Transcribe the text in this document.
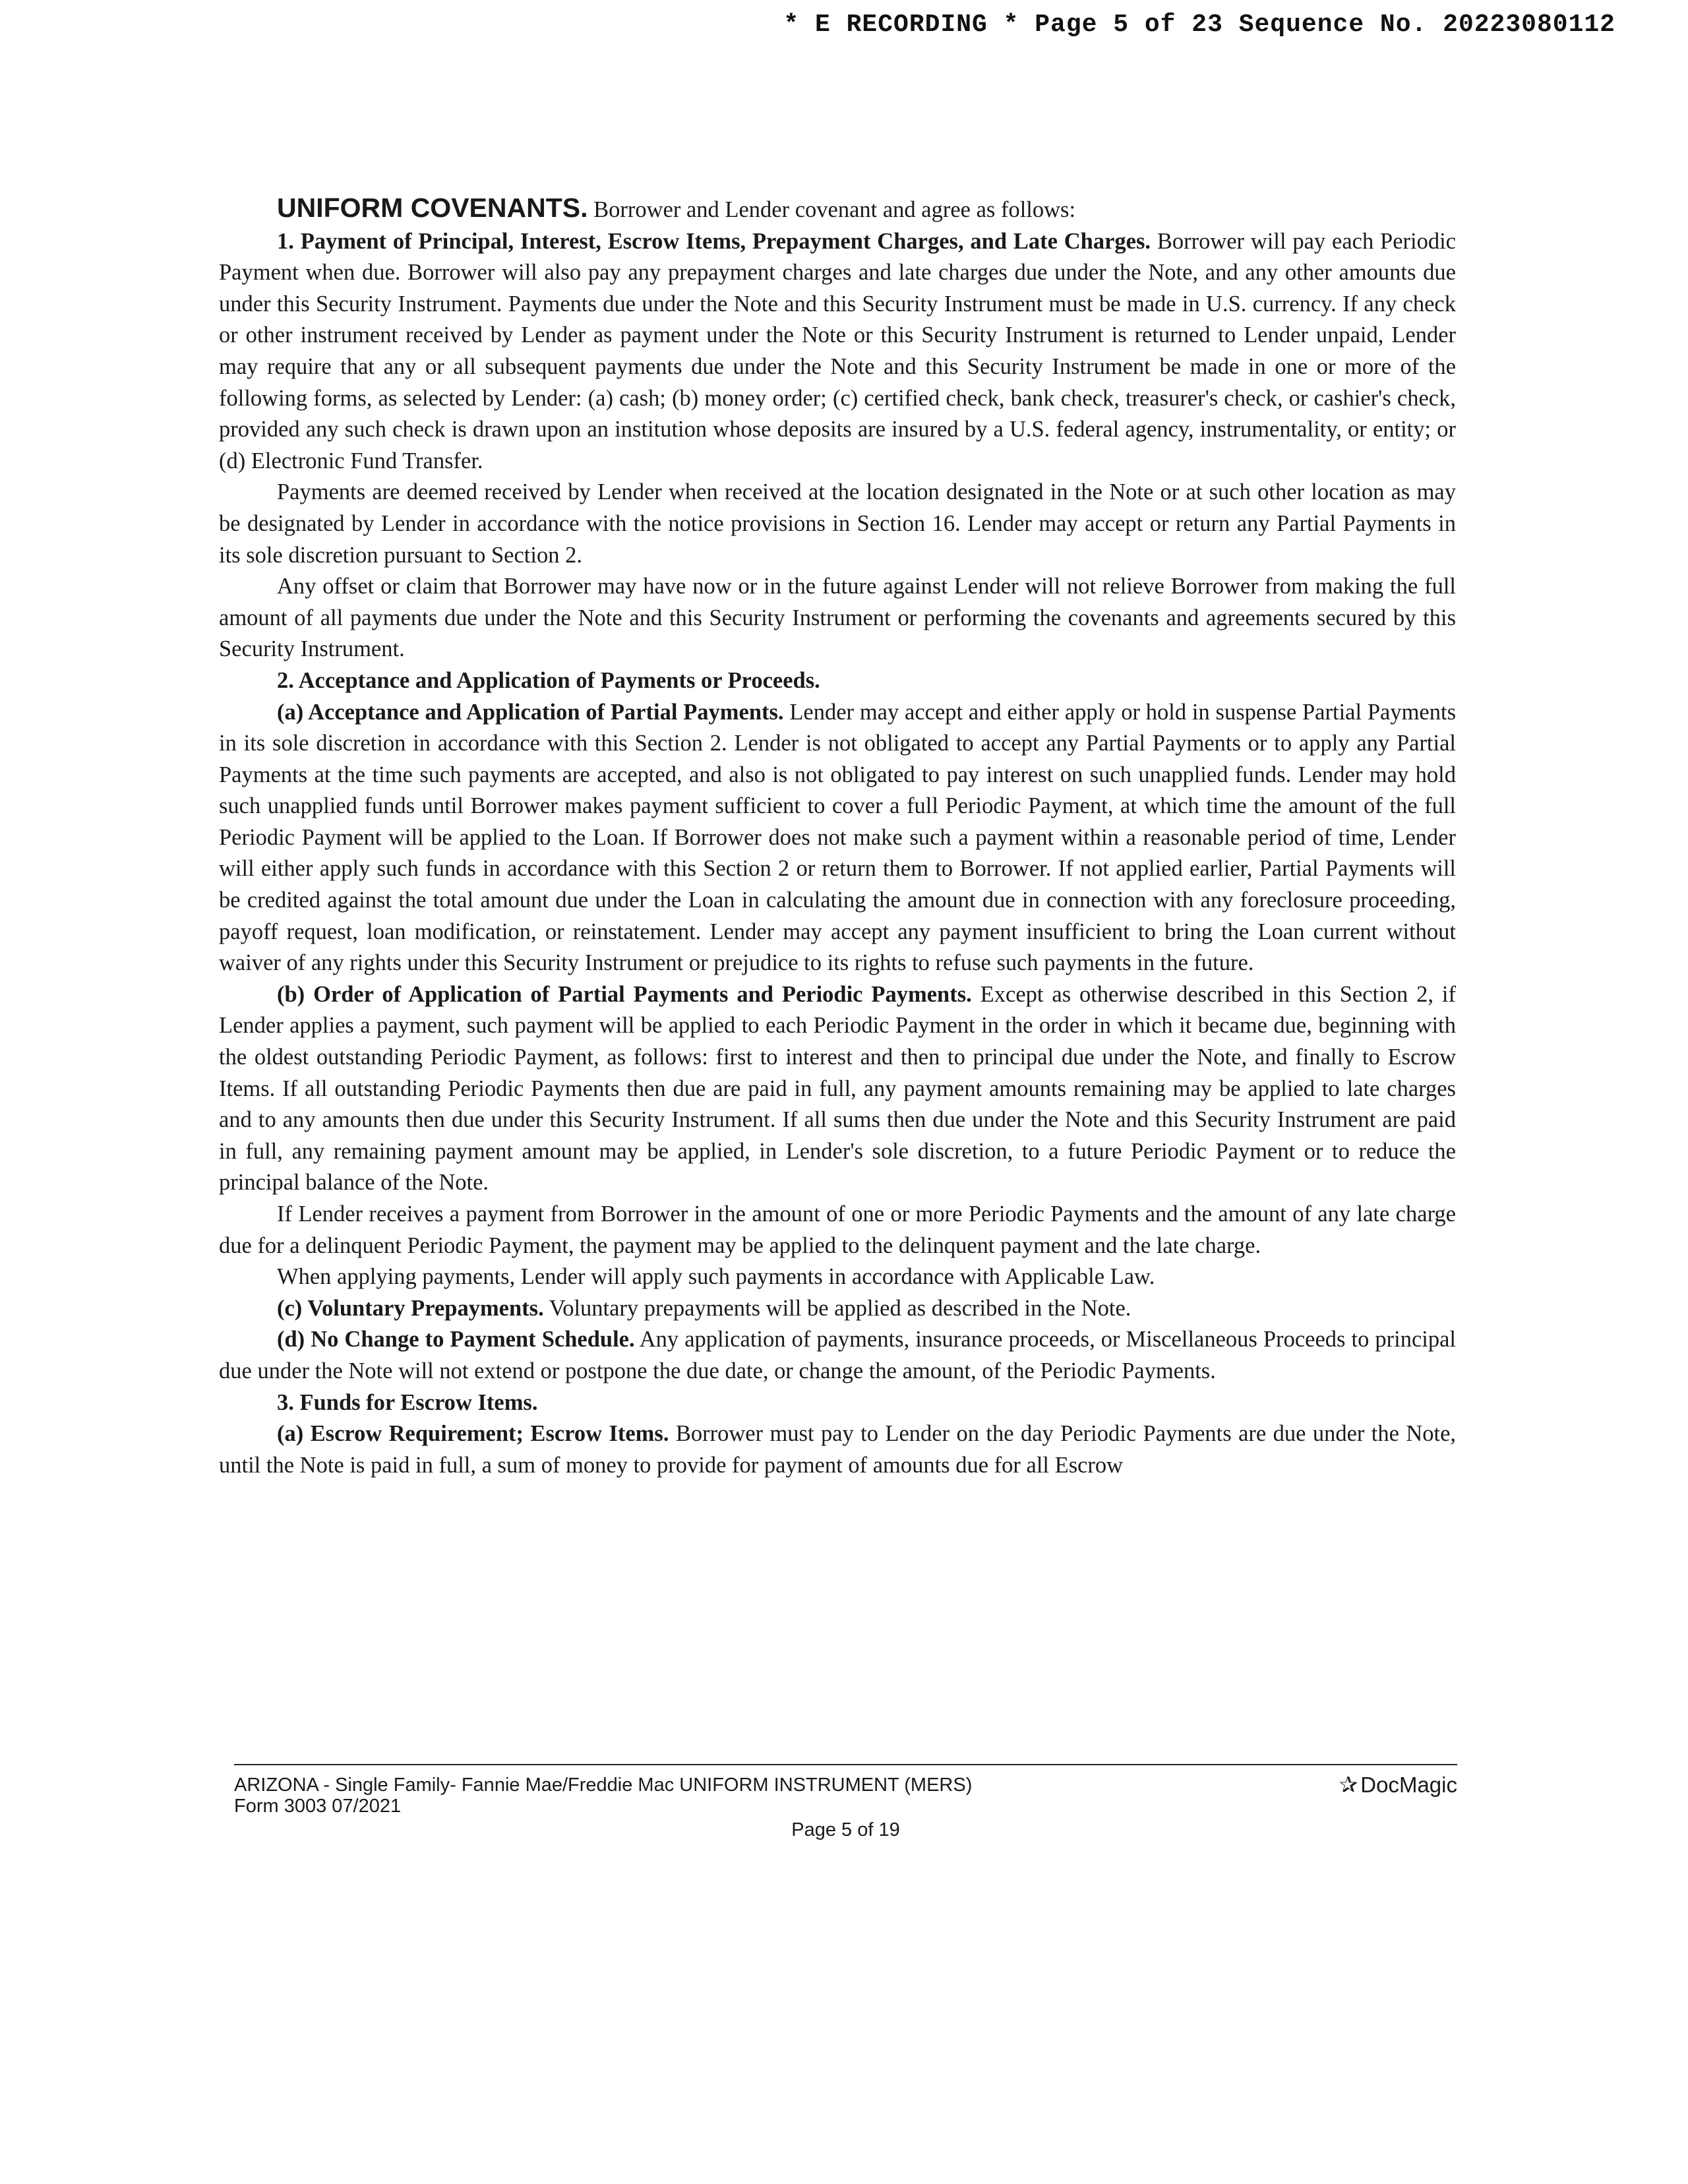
* E RECORDING * Page 5 of 23 Sequence No. 20223080112

UNIFORM COVENANTS. Borrower and Lender covenant and agree as follows:

1. Payment of Principal, Interest, Escrow Items, Prepayment Charges, and Late Charges. Borrower will pay each Periodic Payment when due. Borrower will also pay any prepayment charges and late charges due under the Note, and any other amounts due under this Security Instrument. Payments due under the Note and this Security Instrument must be made in U.S. currency. If any check or other instrument received by Lender as payment under the Note or this Security Instrument is returned to Lender unpaid, Lender may require that any or all subsequent payments due under the Note and this Security Instrument be made in one or more of the following forms, as selected by Lender: (a) cash; (b) money order; (c) certified check, bank check, treasurer's check, or cashier's check, provided any such check is drawn upon an institution whose deposits are insured by a U.S. federal agency, instrumentality, or entity; or (d) Electronic Fund Transfer.

Payments are deemed received by Lender when received at the location designated in the Note or at such other location as may be designated by Lender in accordance with the notice provisions in Section 16. Lender may accept or return any Partial Payments in its sole discretion pursuant to Section 2.

Any offset or claim that Borrower may have now or in the future against Lender will not relieve Borrower from making the full amount of all payments due under the Note and this Security Instrument or performing the covenants and agreements secured by this Security Instrument.

2. Acceptance and Application of Payments or Proceeds.

(a) Acceptance and Application of Partial Payments. Lender may accept and either apply or hold in suspense Partial Payments in its sole discretion in accordance with this Section 2. Lender is not obligated to accept any Partial Payments or to apply any Partial Payments at the time such payments are accepted, and also is not obligated to pay interest on such unapplied funds. Lender may hold such unapplied funds until Borrower makes payment sufficient to cover a full Periodic Payment, at which time the amount of the full Periodic Payment will be applied to the Loan. If Borrower does not make such a payment within a reasonable period of time, Lender will either apply such funds in accordance with this Section 2 or return them to Borrower. If not applied earlier, Partial Payments will be credited against the total amount due under the Loan in calculating the amount due in connection with any foreclosure proceeding, payoff request, loan modification, or reinstatement. Lender may accept any payment insufficient to bring the Loan current without waiver of any rights under this Security Instrument or prejudice to its rights to refuse such payments in the future.

(b) Order of Application of Partial Payments and Periodic Payments. Except as otherwise described in this Section 2, if Lender applies a payment, such payment will be applied to each Periodic Payment in the order in which it became due, beginning with the oldest outstanding Periodic Payment, as follows: first to interest and then to principal due under the Note, and finally to Escrow Items. If all outstanding Periodic Payments then due are paid in full, any payment amounts remaining may be applied to late charges and to any amounts then due under this Security Instrument. If all sums then due under the Note and this Security Instrument are paid in full, any remaining payment amount may be applied, in Lender's sole discretion, to a future Periodic Payment or to reduce the principal balance of the Note.

If Lender receives a payment from Borrower in the amount of one or more Periodic Payments and the amount of any late charge due for a delinquent Periodic Payment, the payment may be applied to the delinquent payment and the late charge.

When applying payments, Lender will apply such payments in accordance with Applicable Law.

(c) Voluntary Prepayments. Voluntary prepayments will be applied as described in the Note.

(d) No Change to Payment Schedule. Any application of payments, insurance proceeds, or Miscellaneous Proceeds to principal due under the Note will not extend or postpone the due date, or change the amount, of the Periodic Payments.

3. Funds for Escrow Items.

(a) Escrow Requirement; Escrow Items. Borrower must pay to Lender on the day Periodic Payments are due under the Note, until the Note is paid in full, a sum of money to provide for payment of amounts due for all Escrow

ARIZONA - Single Family- Fannie Mae/Freddie Mac UNIFORM INSTRUMENT (MERS)
Form 3003 07/2021
✰ DocMagic
Page 5 of 19
